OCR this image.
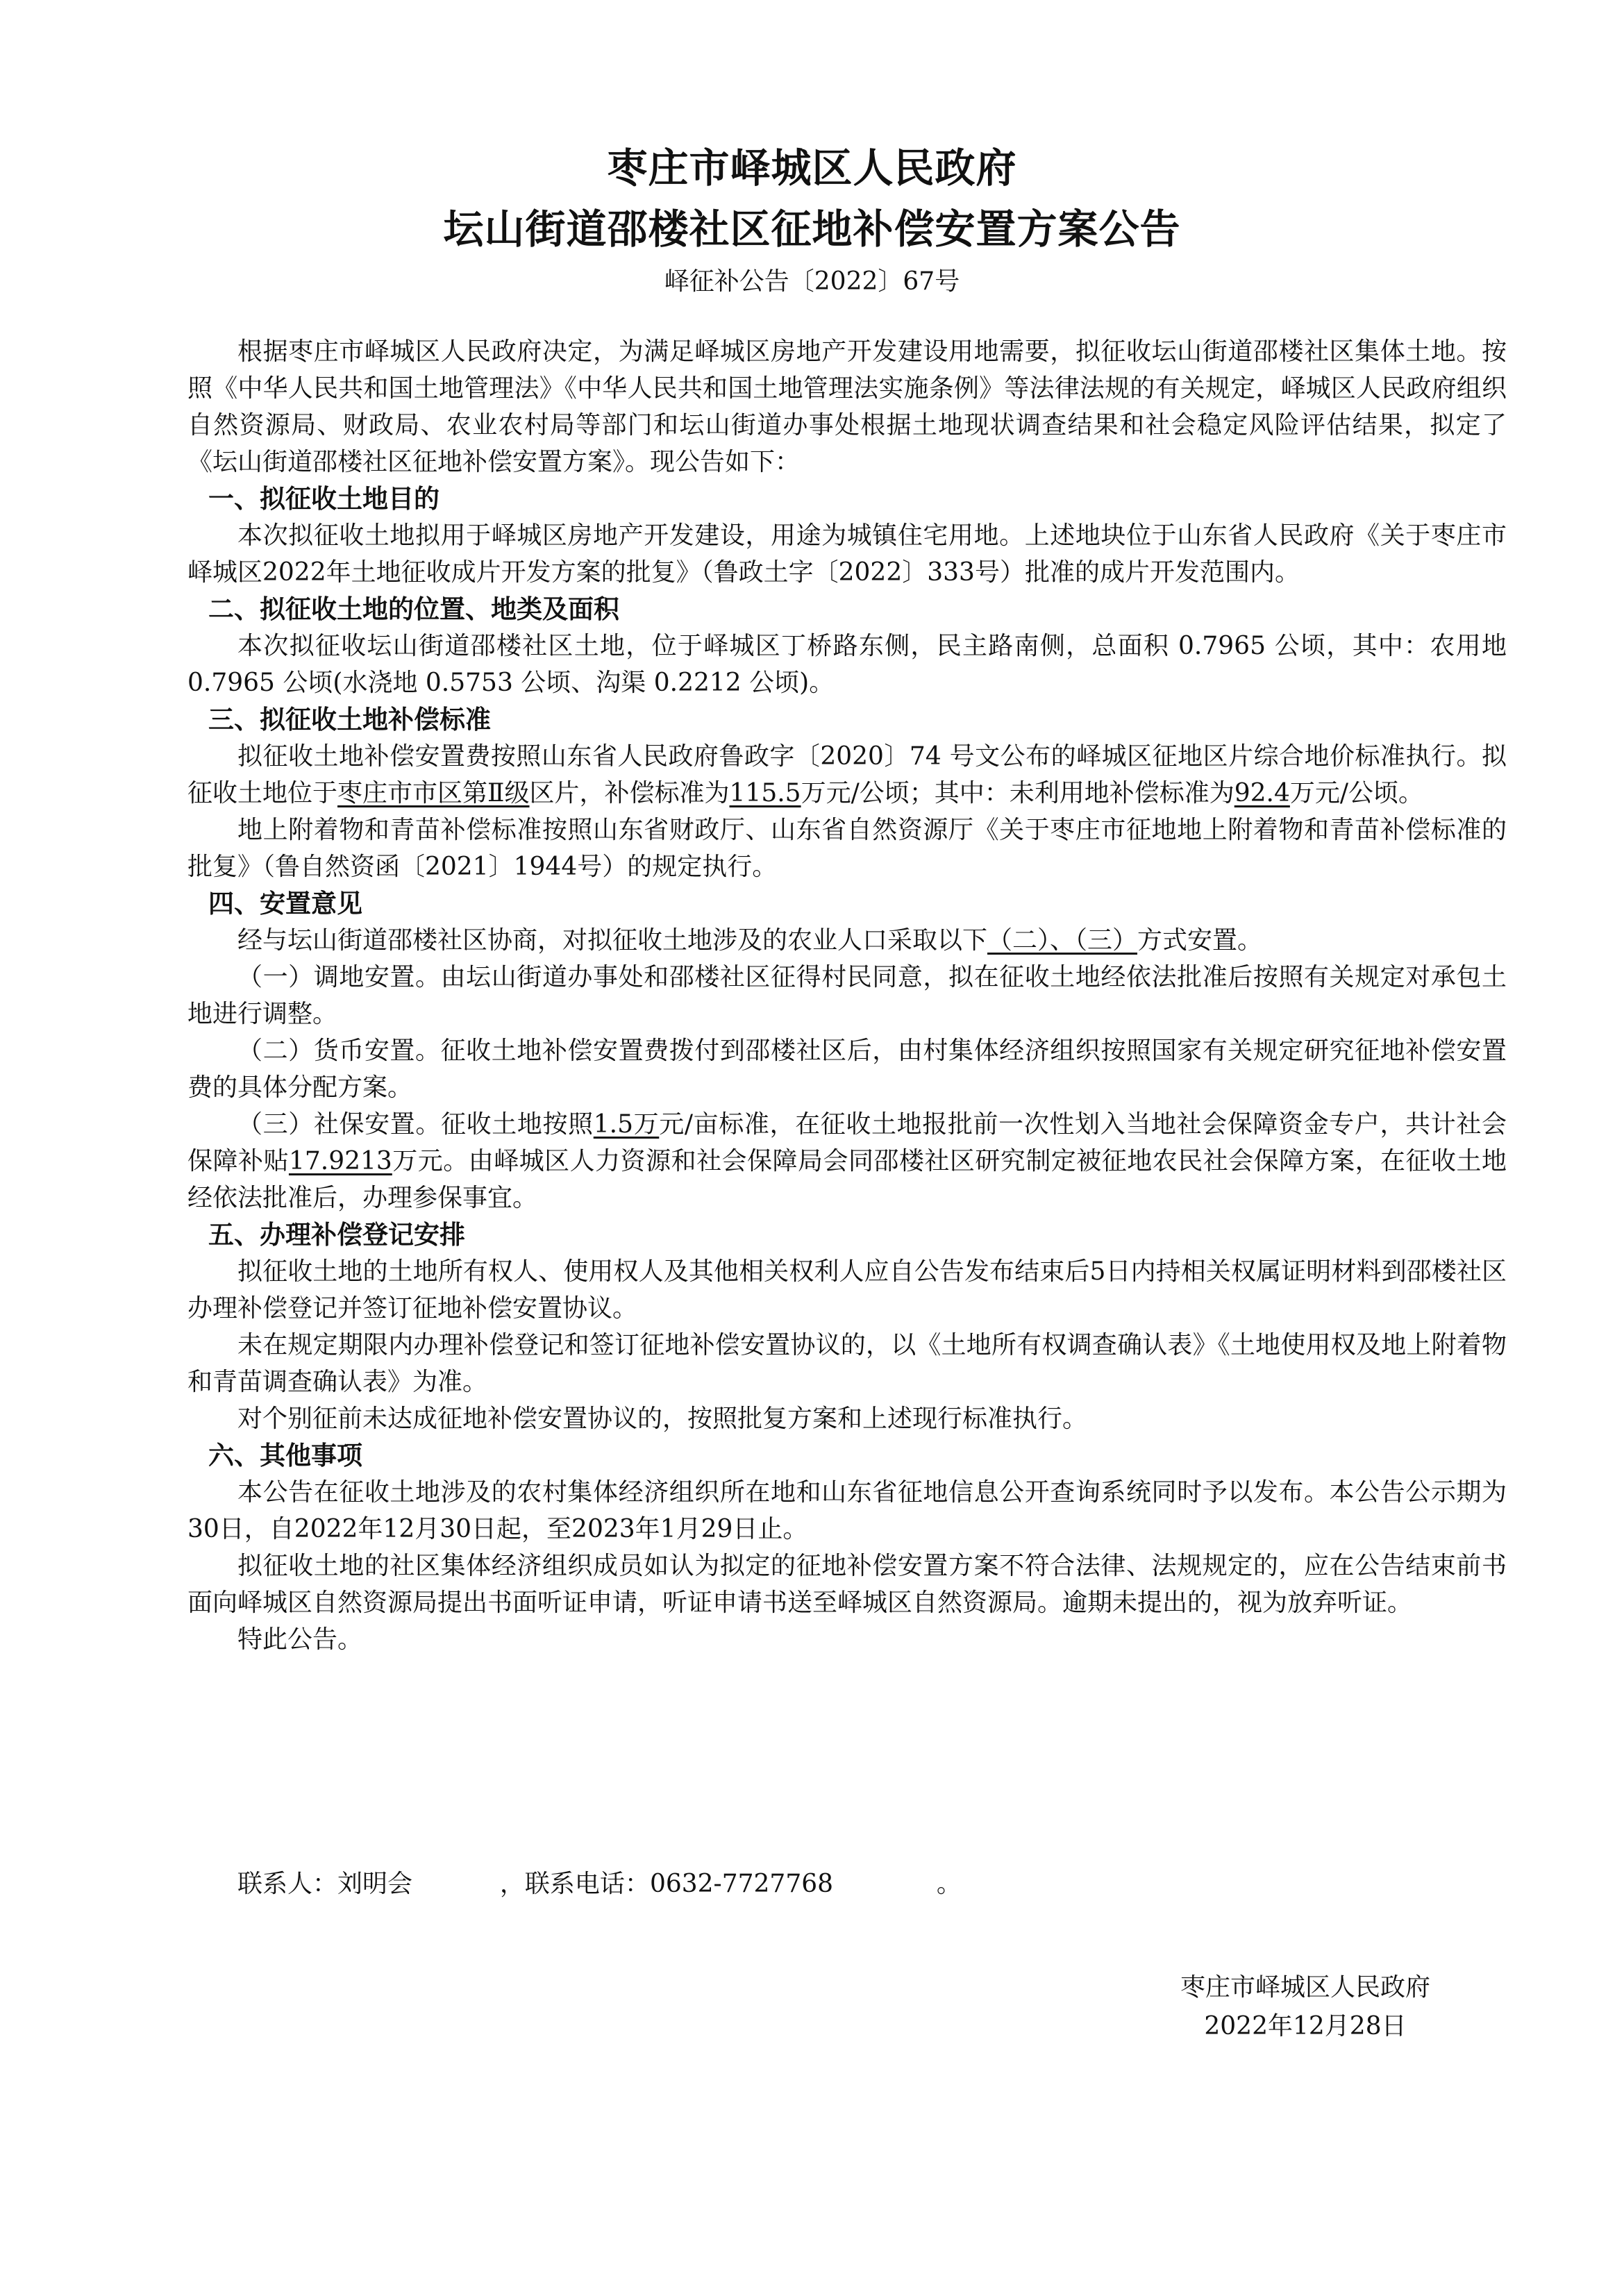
枣庄市峄城区人民政府
坛山街道邵楼社区征地补偿安置方案公告
峄征补公告〔2022〕67号

根据枣庄市峄城区人民政府决定，为满足峄城区房地产开发建设用地需要，拟征收坛山街道邵楼社区集体土地。按照《中华人民共和国土地管理法》《中华人民共和国土地管理法实施条例》等法律法规的有关规定，峄城区人民政府组织自然资源局、财政局、农业农村局等部门和坛山街道办事处根据土地现状调查结果和社会稳定风险评估结果，拟定了《坛山街道邵楼社区征地补偿安置方案》。现公告如下：

一、拟征收土地目的

本次拟征收土地拟用于峄城区房地产开发建设，用途为城镇住宅用地。上述地块位于山东省人民政府《关于枣庄市峄城区2022年土地征收成片开发方案的批复》（鲁政土字〔2022〕333号）批准的成片开发范围内。

二、拟征收土地的位置、地类及面积

本次拟征收坛山街道邵楼社区土地，位于峄城区丁桥路东侧，民主路南侧，总面积 0.7965 公顷，其中：农用地 0.7965 公顷(水浇地 0.5753 公顷、沟渠 0.2212 公顷)。

三、拟征收土地补偿标准

拟征收土地补偿安置费按照山东省人民政府鲁政字〔2020〕74 号文公布的峄城区征地区片综合地价标准执行。拟征收土地位于枣庄市市区第Ⅱ级区片，补偿标准为115.5万元/公顷；其中：未利用地补偿标准为92.4万元/公顷。

地上附着物和青苗补偿标准按照山东省财政厅、山东省自然资源厅《关于枣庄市征地地上附着物和青苗补偿标准的批复》（鲁自然资函〔2021〕1944号）的规定执行。

四、安置意见

经与坛山街道邵楼社区协商，对拟征收土地涉及的农业人口采取以下（二）、（三）方式安置。

（一）调地安置。由坛山街道办事处和邵楼社区征得村民同意，拟在征收土地经依法批准后按照有关规定对承包土地进行调整。

（二）货币安置。征收土地补偿安置费拨付到邵楼社区后，由村集体经济组织按照国家有关规定研究征地补偿安置费的具体分配方案。

（三）社保安置。征收土地按照1.5万元/亩标准，在征收土地报批前一次性划入当地社会保障资金专户，共计社会保障补贴17.9213万元。由峄城区人力资源和社会保障局会同邵楼社区研究制定被征地农民社会保障方案，在征收土地经依法批准后，办理参保事宜。

五、办理补偿登记安排

拟征收土地的土地所有权人、使用权人及其他相关权利人应自公告发布结束后5日内持相关权属证明材料到邵楼社区办理补偿登记并签订征地补偿安置协议。

未在规定期限内办理补偿登记和签订征地补偿安置协议的，以《土地所有权调查确认表》《土地使用权及地上附着物和青苗调查确认表》为准。

对个别征前未达成征地补偿安置协议的，按照批复方案和上述现行标准执行。

六、其他事项

本公告在征收土地涉及的农村集体经济组织所在地和山东省征地信息公开查询系统同时予以发布。本公告公示期为30日，自2022年12月30日起，至2023年1月29日止。

拟征收土地的社区集体经济组织成员如认为拟定的征地补偿安置方案不符合法律、法规规定的，应在公告结束前书面向峄城区自然资源局提出书面听证申请，听证申请书送至峄城区自然资源局。逾期未提出的，视为放弃听证。

特此公告。

联系人：刘明会	，联系电话：0632-7727768	。
枣庄市峄城区人民政府
2022年12月28日
